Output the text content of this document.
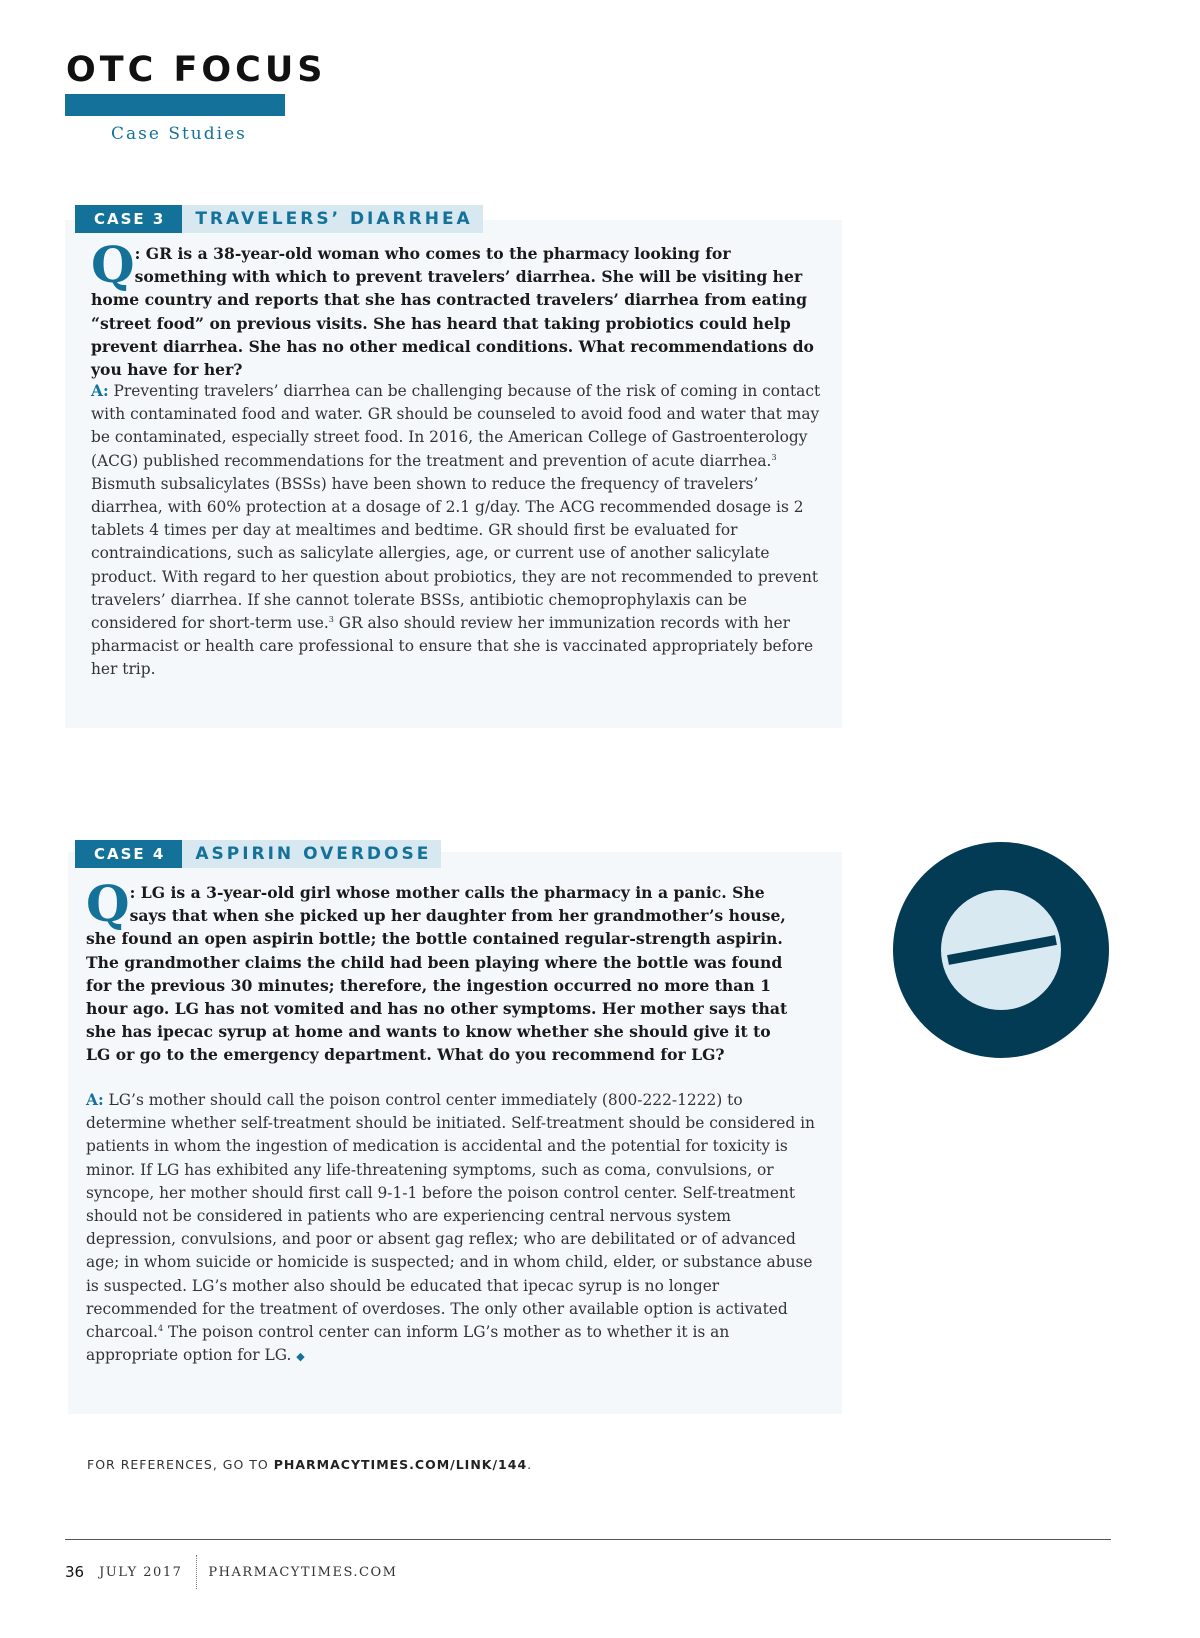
OTC FOCUS
Case Studies
CASE 3	TRAVELERS’ DIARRHEA
Q : GR is a 38-year-old woman who comes to the pharmacy looking for something with which to prevent travelers’ diarrhea. She will be visiting her home country and reports that she has contracted travelers’ diarrhea from eating “street food” on previous visits. She has heard that taking probiotics could help prevent diarrhea. She has no other medical conditions. What recommendations do you have for her?
A: Preventing travelers’ diarrhea can be challenging because of the risk of coming in contact with contaminated food and water. GR should be counseled to avoid food and water that may be contaminated, especially street food. In 2016, the American College of Gastroenterology (ACG) published recommendations for the treatment and prevention of acute diarrhea.$^3$ Bismuth subsalicylates (BSSs) have been shown to reduce the frequency of travelers’ diarrhea, with 60% protection at a dosage of 2.1 g/day. The ACG recommended dosage is 2 tablets 4 times per day at mealtimes and bedtime. GR should first be evaluated for contraindications, such as salicylate allergies, age, or current use of another salicylate product. With regard to her question about probiotics, they are not recommended to prevent travelers’ diarrhea. If she cannot tolerate BSSs, antibiotic chemoprophylaxis can be considered for short-term use.$^3$ GR also should review her immunization records with her pharmacist or health care professional to ensure that she is vaccinated appropriately before her trip.
CASE 4	ASPIRIN OVERDOSE
Q : LG is a 3-year-old girl whose mother calls the pharmacy in a panic. She says that when she picked up her daughter from her grandmother’s house, she found an open aspirin bottle; the bottle contained regular-strength aspirin. The grandmother claims the child had been playing where the bottle was found for the previous 30 minutes; therefore, the ingestion occurred no more than 1 hour ago. LG has not vomited and has no other symptoms. Her mother says that she has ipecac syrup at home and wants to know whether she should give it to LG or go to the emergency department. What do you recommend for LG?
A: LG’s mother should call the poison control center immediately (800-222-1222) to determine whether self-treatment should be initiated. Self-treatment should be considered in patients in whom the ingestion of medication is accidental and the potential for toxicity is minor. If LG has exhibited any life-threatening symptoms, such as coma, convulsions, or syncope, her mother should first call 9-1-1 before the poison control center. Self-treatment should not be considered in patients who are experiencing central nervous system depression, convulsions, and poor or absent gag reflex; who are debilitated or of advanced age; in whom suicide or homicide is suspected; and in whom child, elder, or substance abuse is suspected. LG’s mother also should be educated that ipecac syrup is no longer recommended for the treatment of overdoses. The only other available option is activated charcoal.$^4$ The poison control center can inform LG’s mother as to whether it is an appropriate option for LG. ◆
FOR REFERENCES, GO TO PHARMACYTIMES.COM/LINK/144.
36 JULY 2017 PHARMACYTIMES.COM
